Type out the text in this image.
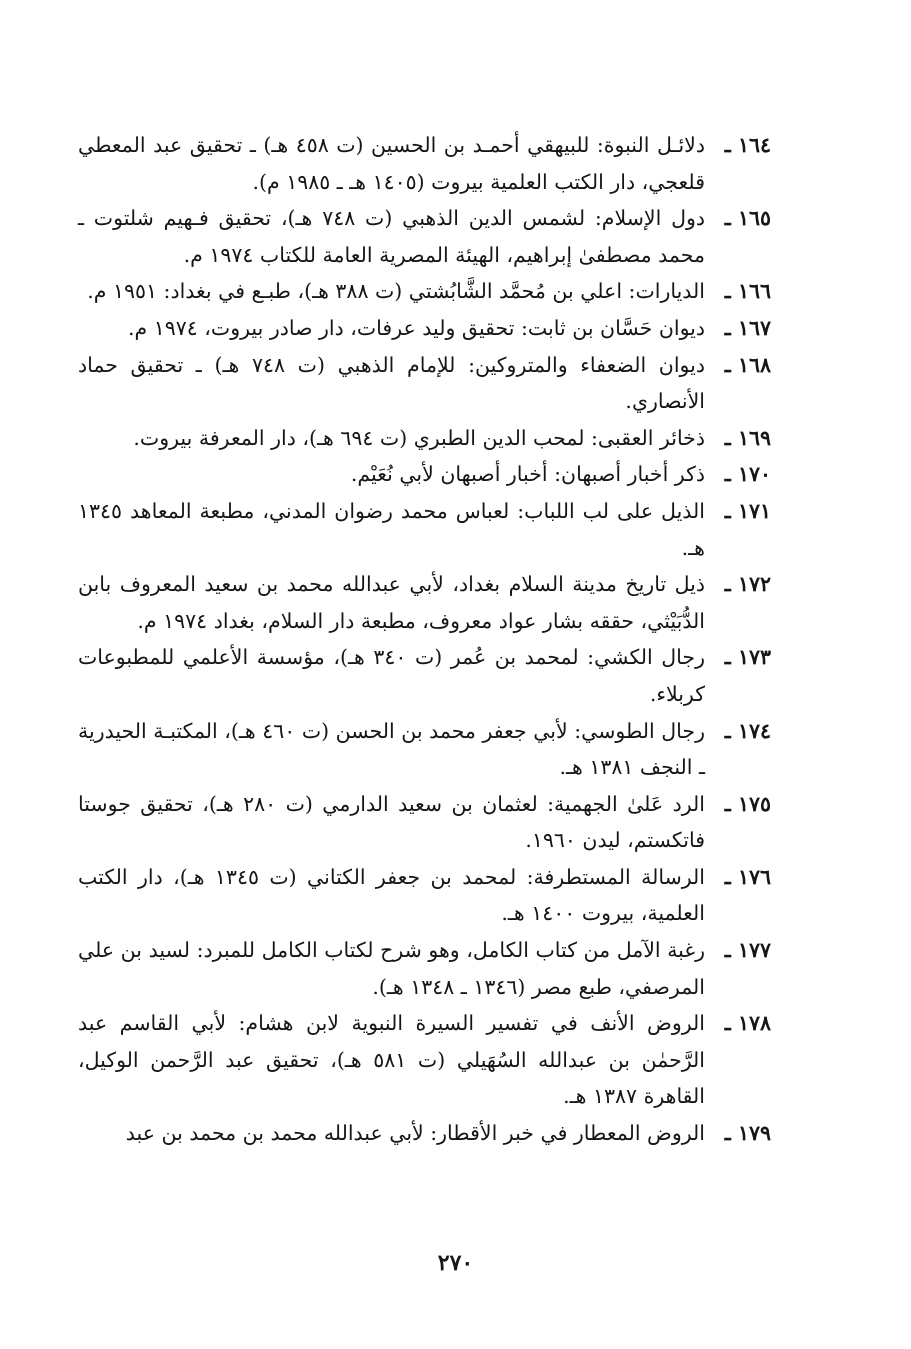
١٦٤ ـ
دلائـل النبوة: للبيهقي أحمـد بن الحسين (ت ٤٥٨ هـ) ـ تحقيق عبد المعطي قلعجي، دار الكتب العلمية بيروت (١٤٠٥ هـ ـ ١٩٨٥ م).
١٦٥ ـ
دول الإسلام: لشمس الدين الذهبي (ت ٧٤٨ هـ)، تحقيق فـهيم شلتوت ـ محمد مصطفىٰ إبراهيم، الهيئة المصرية العامة للكتاب ١٩٧٤ م.
١٦٦ ـ
الديارات: اعلي بن مُحمَّد الشَّابُشتي (ت ٣٨٨ هـ)، طبـع في بغداد: ١٩٥١ م.
١٦٧ ـ
ديوان حَسَّان بن ثابت: تحقيق وليد عرفات، دار صادر بيروت، ١٩٧٤ م.
١٦٨ ـ
ديوان الضعفاء والمتروكين: للإمام الذهبي (ت ٧٤٨ هـ) ـ تحقيق حماد الأنصاري.
١٦٩ ـ
ذخائر العقبى: لمحب الدين الطبري (ت ٦٩٤ هـ)، دار المعرفة بيروت.
١٧٠ ـ
ذكر أخبار أصبهان: أخبار أصبهان لأبي نُعَيْم.
١٧١ ـ
الذيل على لب اللباب: لعباس محمد رضوان المدني، مطبعة المعاهد ١٣٤٥ هـ.
١٧٢ ـ
ذيل تاريخ مدينة السلام بغداد، لأبي عبدالله محمد بن سعيد المعروف بابن الدُّبَيْثي، حققه بشار عواد معروف، مطبعة دار السلام، بغداد ١٩٧٤ م.
١٧٣ ـ
رجال الكشي: لمحمد بن عُمر (ت ٣٤٠ هـ)، مؤسسة الأعلمي للمطبوعات كربلاء.
١٧٤ ـ
رجال الطوسي: لأبي جعفر محمد بن الحسن (ت ٤٦٠ هـ)، المكتبـة الحيدرية ـ النجف ١٣٨١ هـ.
١٧٥ ـ
الرد عَلىٰ الجهمية: لعثمان بن سعيد الدارمي (ت ٢٨٠ هـ)، تحقيق جوستا فاتكستم، ليدن ١٩٦٠.
١٧٦ ـ
الرسالة المستطرفة: لمحمد بن جعفر الكتاني (ت ١٣٤٥ هـ)، دار الكتب العلمية، بيروت ١٤٠٠ هـ.
١٧٧ ـ
رغبة الآمل من كتاب الكامل، وهو شرح لكتاب الكامل للمبرد: لسيد بن علي المرصفي، طبع مصر (١٣٤٦ ـ ١٣٤٨ هـ).
١٧٨ ـ
الروض الأنف في تفسير السيرة النبوية لابن هشام: لأبي القاسم عبد الرَّحمٰن بن عبدالله السُهَيلي (ت ٥٨١ هـ)، تحقيق عبد الرَّحمن الوكيل، القاهرة ١٣٨٧ هـ.
١٧٩ ـ
الروض المعطار في خبر الأقطار: لأبي عبدالله محمد بن محمد بن عبد
٢٧٠
